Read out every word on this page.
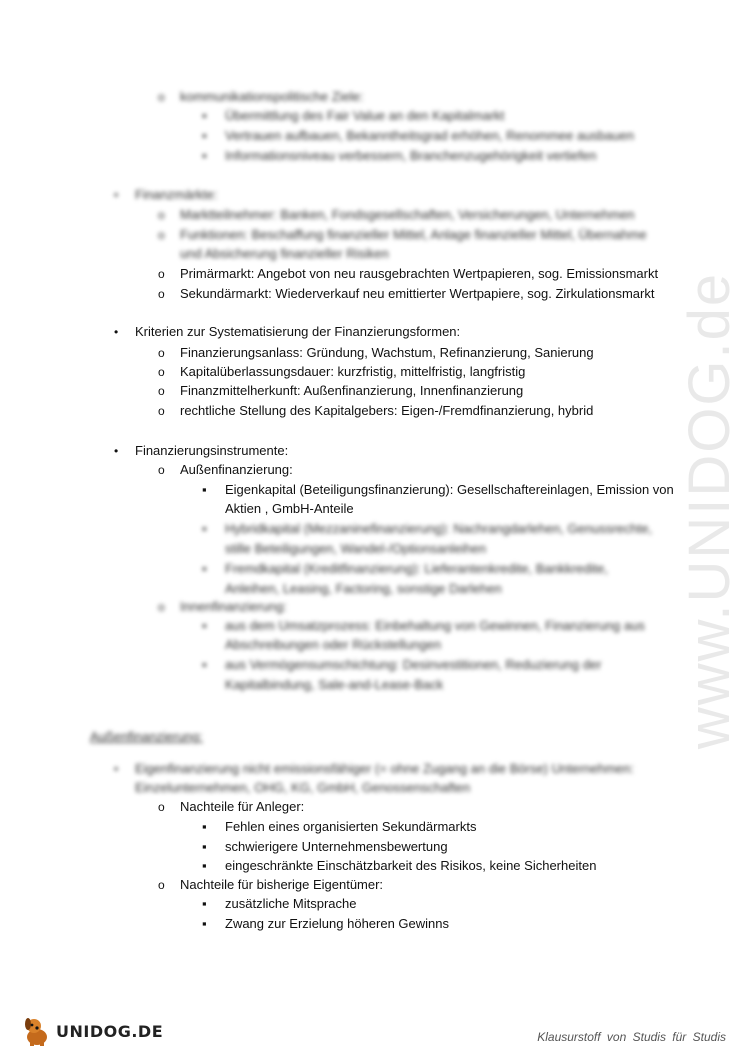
www.UNIDOG.de
o
kommunikationspolitische Ziele:
▪
Übermittlung des Fair Value an den Kapitalmarkt
▪
Vertrauen aufbauen, Bekanntheitsgrad erhöhen, Renommee ausbauen
▪
Informationsniveau verbessern, Branchenzugehörigkeit vertiefen
•
Finanzmärkte:
o
Marktteilnehmer: Banken, Fondsgesellschaften, Versicherungen, Unternehmen
o
Funktionen: Beschaffung finanzieller Mittel, Anlage finanzieller Mittel, Übernahme
und Absicherung finanzieller Risiken
o
Primärmarkt: Angebot von neu rausgebrachten Wertpapieren, sog. Emissionsmarkt
o
Sekundärmarkt: Wiederverkauf neu emittierter Wertpapiere, sog. Zirkulationsmarkt
•
Kriterien zur Systematisierung der Finanzierungsformen:
o
Finanzierungsanlass: Gründung, Wachstum, Refinanzierung, Sanierung
o
Kapitalüberlassungsdauer: kurzfristig, mittelfristig, langfristig
o
Finanzmittelherkunft: Außenfinanzierung, Innenfinanzierung
o
rechtliche Stellung des Kapitalgebers: Eigen-/Fremdfinanzierung, hybrid
•
Finanzierungsinstrumente:
o
Außenfinanzierung:
▪
Eigenkapital (Beteiligungsfinanzierung): Gesellschaftereinlagen, Emission von
Aktien , GmbH-Anteile
▪
Hybridkapital (Mezzaninefinanzierung): Nachrangdarlehen, Genussrechte,
stille Beteiligungen, Wandel-/Optionsanleihen
▪
Fremdkapital (Kreditfinanzierung): Lieferantenkredite, Bankkredite,
Anleihen, Leasing, Factoring, sonstige Darlehen
o
Innenfinanzierung:
▪
aus dem Umsatzprozess: Einbehaltung von Gewinnen, Finanzierung aus
Abschreibungen oder Rückstellungen
▪
aus Vermögensumschichtung: Desinvestitionen, Reduzierung der
Kapitalbindung, Sale-and-Lease-Back
Außenfinanzierung:
•
Eigenfinanzierung nicht emissionsfähiger (= ohne Zugang an die Börse) Unternehmen:
Einzelunternehmen, OHG, KG, GmbH, Genossenschaften
o
Nachteile für Anleger:
▪
Fehlen eines organisierten Sekundärmarkts
▪
schwierigere Unternehmensbewertung
▪
eingeschränkte Einschätzbarkeit des Risikos, keine Sicherheiten
o
Nachteile für bisherige Eigentümer:
▪
zusätzliche Mitsprache
▪
Zwang zur Erzielung höheren Gewinns
UNIDOG.DE	Klausurstoff von Studis für Studis
